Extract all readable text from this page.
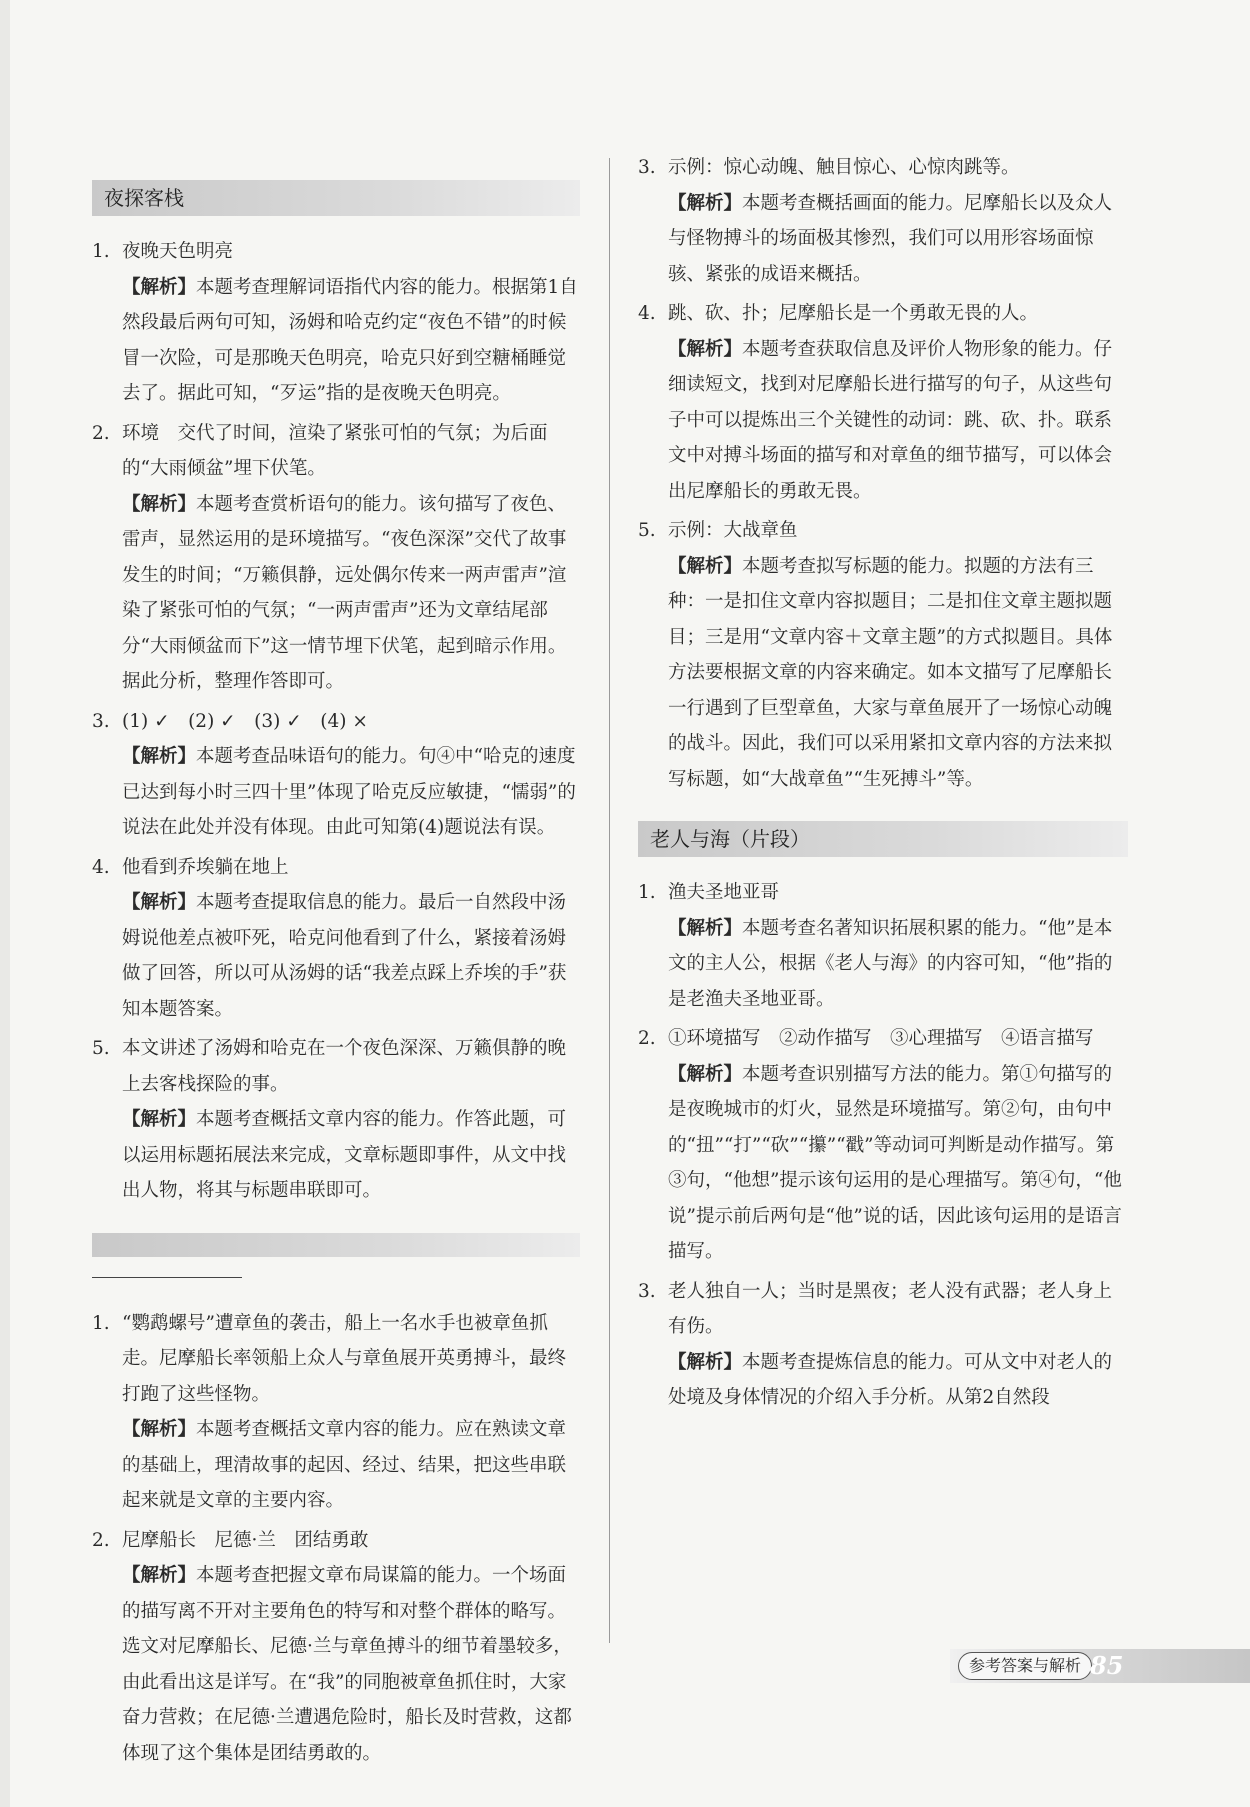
夜探客栈
1. 夜晚天色明亮
【解析】本题考查理解词语指代内容的能力。根据第1自然段最后两句可知，汤姆和哈克约定“夜色不错”的时候冒一次险，可是那晚天色明亮，哈克只好到空糖桶睡觉去了。据此可知，“歹运”指的是夜晚天色明亮。
2. 环境　交代了时间，渲染了紧张可怕的气氛；为后面的“大雨倾盆”埋下伏笔。
【解析】本题考查赏析语句的能力。该句描写了夜色、雷声，显然运用的是环境描写。“夜色深深”交代了故事发生的时间；“万籁俱静，远处偶尔传来一两声雷声”渲染了紧张可怕的气氛；“一两声雷声”还为文章结尾部分“大雨倾盆而下”这一情节埋下伏笔，起到暗示作用。据此分析，整理作答即可。
3. (1) ✓　(2) ✓　(3) ✓　(4) ×
【解析】本题考查品味语句的能力。句④中“哈克的速度已达到每小时三四十里”体现了哈克反应敏捷，“懦弱”的说法在此处并没有体现。由此可知第(4)题说法有误。
4. 他看到乔埃躺在地上
【解析】本题考查提取信息的能力。最后一自然段中汤姆说他差点被吓死，哈克问他看到了什么，紧接着汤姆做了回答，所以可从汤姆的话“我差点踩上乔埃的手”获知本题答案。
5. 本文讲述了汤姆和哈克在一个夜色深深、万籁俱静的晚上去客栈探险的事。
【解析】本题考查概括文章内容的能力。作答此题，可以运用标题拓展法来完成，文章标题即事件，从文中找出人物，将其与标题串联即可。
1. “鹦鹉螺号”遭章鱼的袭击，船上一名水手也被章鱼抓走。尼摩船长率领船上众人与章鱼展开英勇搏斗，最终打跑了这些怪物。
【解析】本题考查概括文章内容的能力。应在熟读文章的基础上，理清故事的起因、经过、结果，把这些串联起来就是文章的主要内容。
2. 尼摩船长　尼德·兰　团结勇敢
【解析】本题考查把握文章布局谋篇的能力。一个场面的描写离不开对主要角色的特写和对整个群体的略写。选文对尼摩船长、尼德·兰与章鱼搏斗的细节着墨较多，由此看出这是详写。在“我”的同胞被章鱼抓住时，大家奋力营救；在尼德·兰遭遇危险时，船长及时营救，这都体现了这个集体是团结勇敢的。
3. 示例：惊心动魄、触目惊心、心惊肉跳等。
【解析】本题考查概括画面的能力。尼摩船长以及众人与怪物搏斗的场面极其惨烈，我们可以用形容场面惊骇、紧张的成语来概括。
4. 跳、砍、扑；尼摩船长是一个勇敢无畏的人。
【解析】本题考查获取信息及评价人物形象的能力。仔细读短文，找到对尼摩船长进行描写的句子，从这些句子中可以提炼出三个关键性的动词：跳、砍、扑。联系文中对搏斗场面的描写和对章鱼的细节描写，可以体会出尼摩船长的勇敢无畏。
5. 示例：大战章鱼
【解析】本题考查拟写标题的能力。拟题的方法有三种：一是扣住文章内容拟题目；二是扣住文章主题拟题目；三是用“文章内容＋文章主题”的方式拟题目。具体方法要根据文章的内容来确定。如本文描写了尼摩船长一行遇到了巨型章鱼，大家与章鱼展开了一场惊心动魄的战斗。因此，我们可以采用紧扣文章内容的方法来拟写标题，如“大战章鱼”“生死搏斗”等。
老人与海（片段）
1. 渔夫圣地亚哥
【解析】本题考查名著知识拓展积累的能力。“他”是本文的主人公，根据《老人与海》的内容可知，“他”指的是老渔夫圣地亚哥。
2. ①环境描写　②动作描写　③心理描写　④语言描写
【解析】本题考查识别描写方法的能力。第①句描写的是夜晚城市的灯火，显然是环境描写。第②句，由句中的“扭”“打”“砍”“攥”“戳”等动词可判断是动作描写。第③句，“他想”提示该句运用的是心理描写。第④句，“他说”提示前后两句是“他”说的话，因此该句运用的是语言描写。
3. 老人独自一人；当时是黑夜；老人没有武器；老人身上有伤。
【解析】本题考查提炼信息的能力。可从文中对老人的处境及身体情况的介绍入手分析。从第2自然段
参考答案与解析 85
